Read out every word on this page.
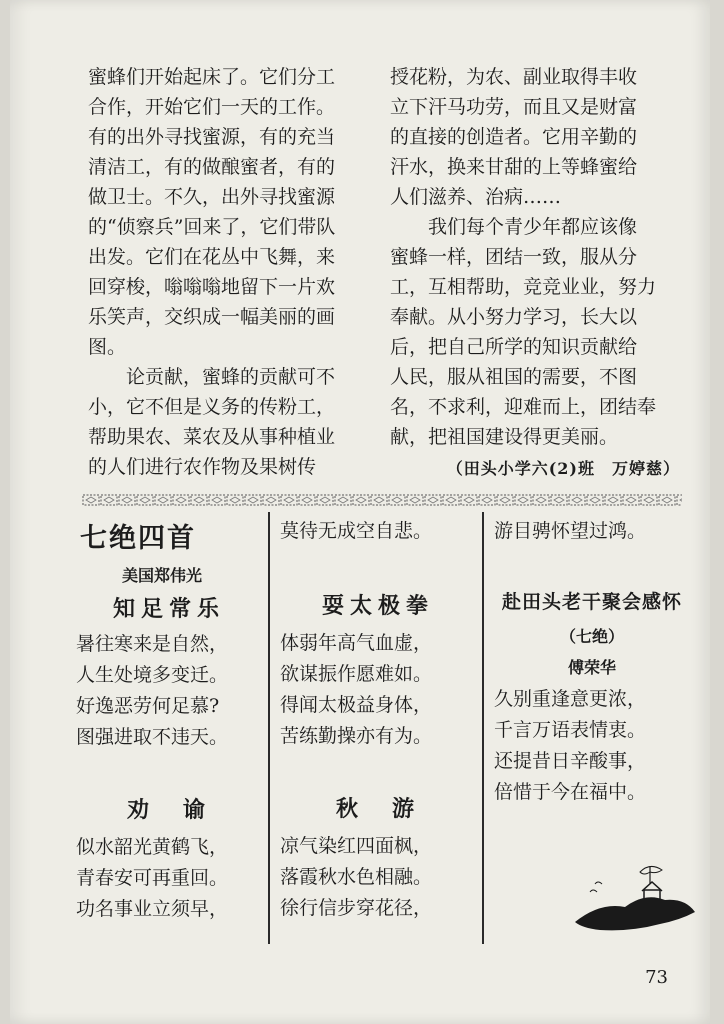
蜜蜂们开始起床了。它们分工
合作，开始它们一天的工作。
有的出外寻找蜜源，有的充当
清洁工，有的做酿蜜者，有的
做卫士。不久，出外寻找蜜源
的“侦察兵”回来了，它们带队
出发。它们在花丛中飞舞，来
回穿梭，嗡嗡嗡地留下一片欢
乐笑声，交织成一幅美丽的画
图。
论贡献，蜜蜂的贡献可不
小，它不但是义务的传粉工，
帮助果农、菜农及从事种植业
的人们进行农作物及果树传

授花粉，为农、副业取得丰收
立下汗马功劳，而且又是财富
的直接的创造者。它用辛勤的
汗水，换来甘甜的上等蜂蜜给
人们滋养、治病……
我们每个青少年都应该像
蜜蜂一样，团结一致，服从分
工，互相帮助，竞竞业业，努力
奉献。从小努力学习，长大以
后，把自己所学的知识贡献给
人民，服从祖国的需要，不图
名，不求利，迎难而上，团结奉
献，把祖国建设得更美丽。

（田头小学六(2)班　万婷慈）
七绝四首
美国郑伟光
知足常乐
暑往寒来是自然，
人生处境多变迁。
好逸恶劳何足慕?
图强进取不违天。
劝　谕
似水韶光黄鹤飞，
青春安可再重回。
功名事业立须早，
莫待无成空自悲。
耍太极拳
体弱年高气血虚，
欲谋振作愿难如。
得闻太极益身体，
苦练勤操亦有为。
秋　游
凉气染红四面枫，
落霞秋水色相融。
徐行信步穿花径，
游目骋怀望过鸿。
赴田头老干聚会感怀
（七绝）
傅荣华
久别重逢意更浓，
千言万语表情衷。
还提昔日辛酸事，
倍惜于今在福中。
73
